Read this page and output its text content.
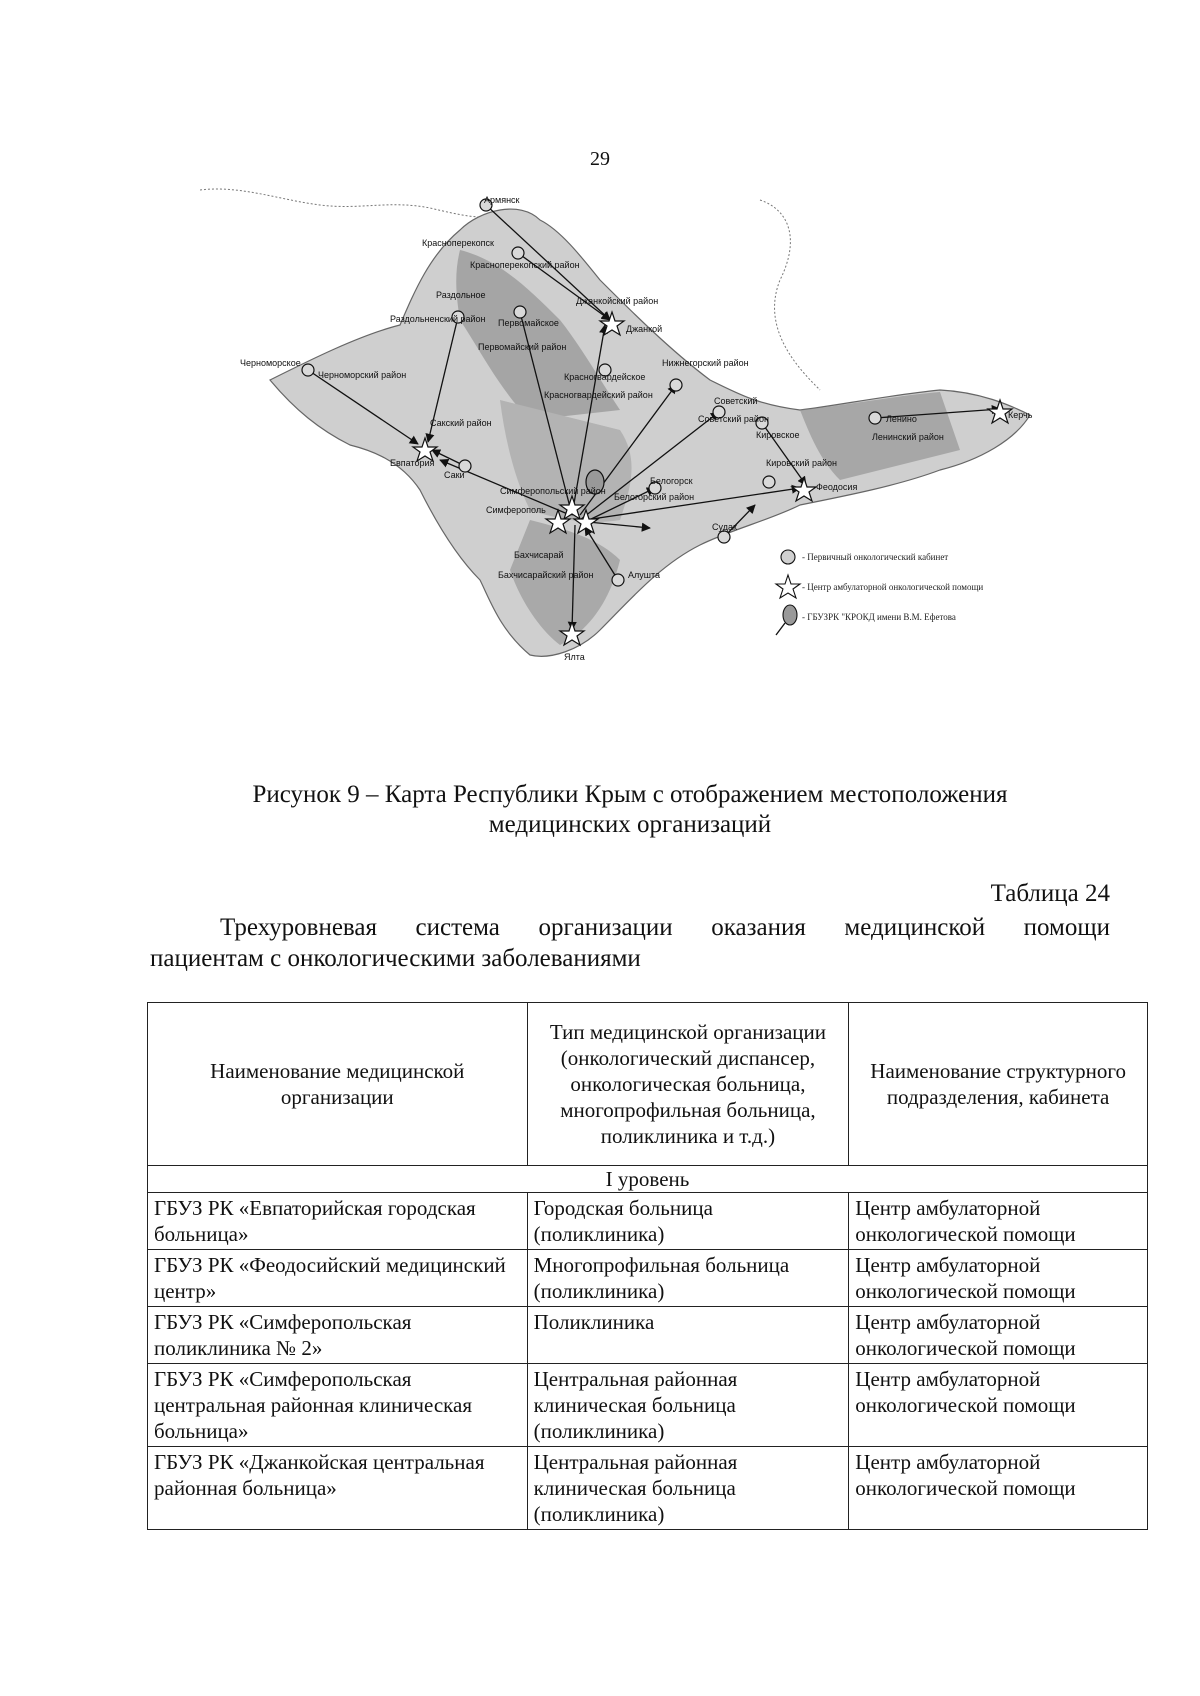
29
Армянск
Красноперекопск
Красноперекопский район
Раздольное
Раздольненский район Первомайское
Первомайский район
Джанкойский район
Джанкой
Черноморское
Черноморский район	Красногвардейское
Красногвардейский район
Нижнегорский район
Советский
Советский район
Кировское
Кировский район
Ленино
Ленинский район
Керчь
Сакский район
Евпатория
Саки
Симферопольский район
Симферополь
Белогорск
Белогорский район
Феодосия
Судак
Бахчисарай
Бахчисарайский район	Алушта
Ялта
- Первичный онкологический кабинет
- Центр амбулаторной онкологической помощи
- ГБУЗРК "КРОКД имени В.М. Ефетова
Рисунок 9 – Карта Республики Крым с отображением местоположения
медицинских организаций
Таблица 24
Трехуровневая система организации оказания медицинской помощи
пациентам с онкологическими заболеваниями
Наименование медицинской организации	Тип медицинской организации (онкологический диспансер, онкологическая больница, многопрофильная больница, поликлиника и т.д.)	Наименование структурного подразделения, кабинета
I уровень		
ГБУЗ РК «Евпаторийская городская больница»	Городская больница (поликлиника)	Центр амбулаторной онкологической помощи
ГБУЗ РК «Феодосийский медицинский центр»	Многопрофильная больница (поликлиника)	Центр амбулаторной онкологической помощи
ГБУЗ РК «Симферопольская поликлиника № 2»	Поликлиника	Центр амбулаторной онкологической помощи
ГБУЗ РК «Симферопольская центральная районная клиническая больница»	Центральная районная клиническая больница (поликлиника)	Центр амбулаторной онкологической помощи
ГБУЗ РК «Джанкойская центральная районная больница»	Центральная районная клиническая больница (поликлиника)	Центр амбулаторной онкологической помощи
